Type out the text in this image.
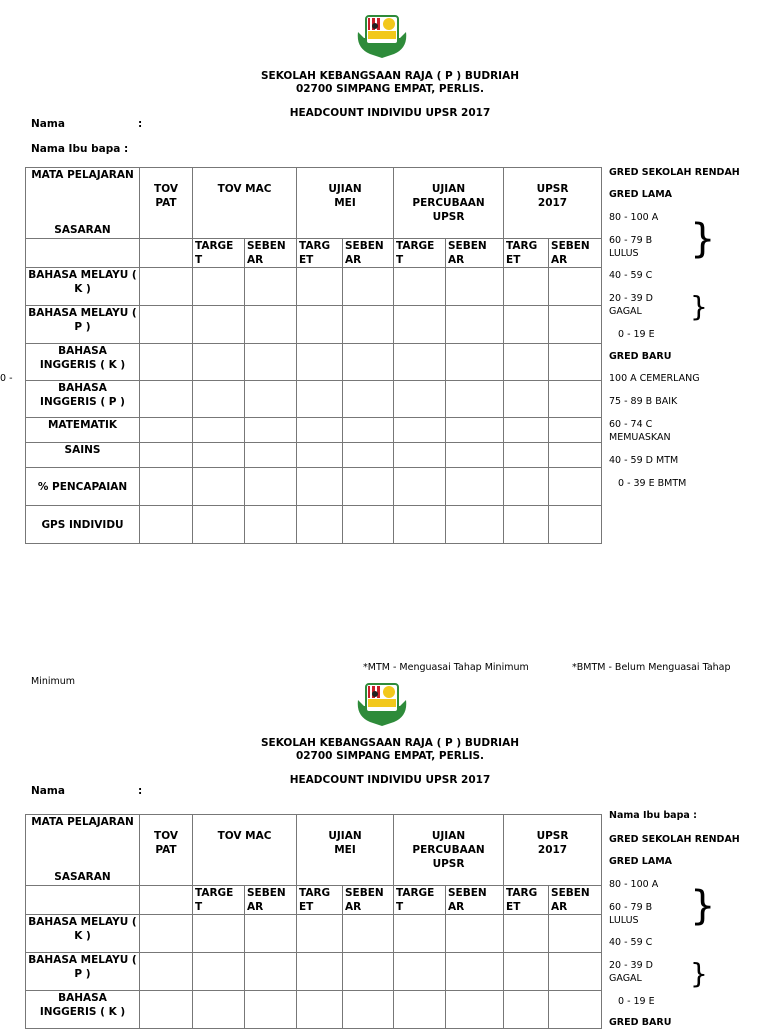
SEKOLAH KEBANGSAAN RAJA ( P ) BUDRIAH
02700 SIMPANG EMPAT, PERLIS.
HEADCOUNT INDIVIDU UPSR 2017
Nama	:
Nama Ibu bapa :
0 -
MATA PELAJARAN
SASARAN	TOV PAT	TOV MAC		UJIAN MEI		UJIAN PERCUBAAN UPSR		UPSR 2017	
		TARGE T	SEBEN AR	TARG ET	SEBEN AR	TARGE T	SEBEN AR	TARG ET	SEBEN AR
BAHASA MELAYU ( K )									
BAHASA MELAYU ( P )									
BAHASA INGGERIS ( K )									
BAHASA INGGERIS ( P )									
MATEMATIK									
SAINS									
% PENCAPAIAN									
GPS INDIVIDU									
GRED SEKOLAH RENDAH
GRED LAMA
80 - 100 A
60 - 79 B
LULUS
40 - 59 C
20 - 39 D
GAGAL
0 - 19 E
}
}
GRED BARU
100 A CEMERLANG
75 - 89 B BAIK
60 - 74 C
MEMUASKAN
40 - 59 D MTM
0 - 39 E BMTM
*MTM - Menguasai Tahap Minimum	*BMTM - Belum Menguasai Tahap
Minimum
SEKOLAH KEBANGSAAN RAJA ( P ) BUDRIAH
02700 SIMPANG EMPAT, PERLIS.
HEADCOUNT INDIVIDU UPSR 2017
Nama	:
MATA PELAJARAN
SASARAN	TOV PAT	TOV MAC		UJIAN MEI		UJIAN PERCUBAAN UPSR		UPSR 2017	
		TARGE T	SEBEN AR	TARG ET	SEBEN AR	TARGE T	SEBEN AR	TARG ET	SEBEN AR
BAHASA MELAYU ( K )									
BAHASA MELAYU ( P )									
BAHASA INGGERIS ( K )									
Nama Ibu bapa :
GRED SEKOLAH RENDAH
GRED LAMA
80 - 100 A
60 - 79 B
LULUS
40 - 59 C
20 - 39 D
GAGAL
0 - 19 E
}
}
GRED BARU
